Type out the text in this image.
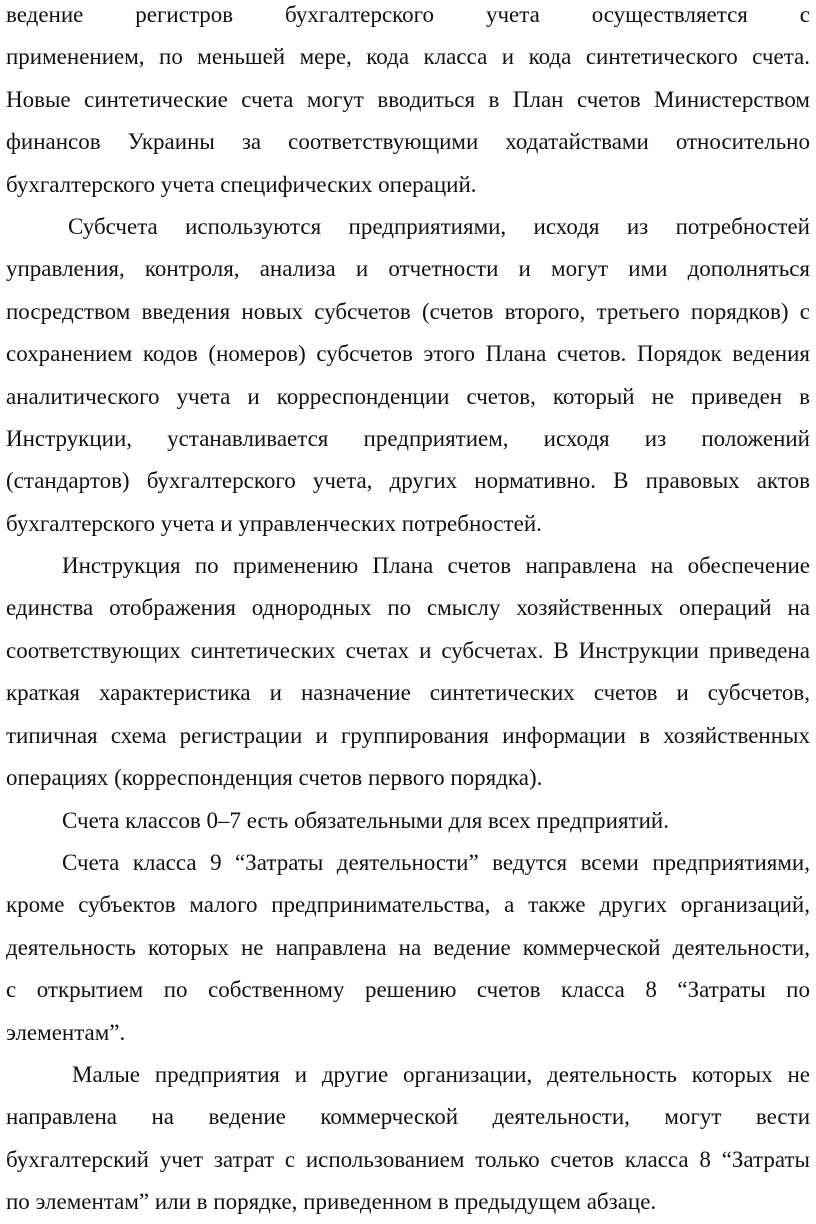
ведение регистров бухгалтерского учета осуществляется с
применением, по меньшей мере, кода класса и кода синтетического счета.
Новые синтетические счета могут вводиться в План счетов Министерством
финансов Украины за соответствующими ходатайствами относительно
бухгалтерского учета специфических операций.
Субсчета используются предприятиями, исходя из потребностей
управления, контроля, анализа и отчетности и могут ими дополняться
посредством введения новых субсчетов (счетов второго, третьего порядков) с
сохранением кодов (номеров) субсчетов этого Плана счетов. Порядок ведения
аналитического учета и корреспонденции счетов, который не приведен в
Инструкции, устанавливается предприятием, исходя из положений
(стандартов) бухгалтерского учета, других нормативно. В правовых актов
бухгалтерского учета и управленческих потребностей.
Инструкция по применению Плана счетов направлена на обеспечение
единства отображения однородных по смыслу хозяйственных операций на
соответствующих синтетических счетах и субсчетах. В Инструкции приведена
краткая характеристика и назначение синтетических счетов и субсчетов,
типичная схема регистрации и группирования информации в хозяйственных
операциях (корреспонденция счетов первого порядка).
Счета классов 0–7 есть обязательными для всех предприятий.
Счета класса 9 “Затраты деятельности” ведутся всеми предприятиями,
кроме субъектов малого предпринимательства, а также других организаций,
деятельность которых не направлена на ведение коммерческой деятельности,
с открытием по собственному решению счетов класса 8 “Затраты по
элементам”.
Малые предприятия и другие организации, деятельность которых не
направлена на ведение коммерческой деятельности, могут вести
бухгалтерский учет затрат с использованием только счетов класса 8 “Затраты
по элементам” или в порядке, приведенном в предыдущем абзаце.
